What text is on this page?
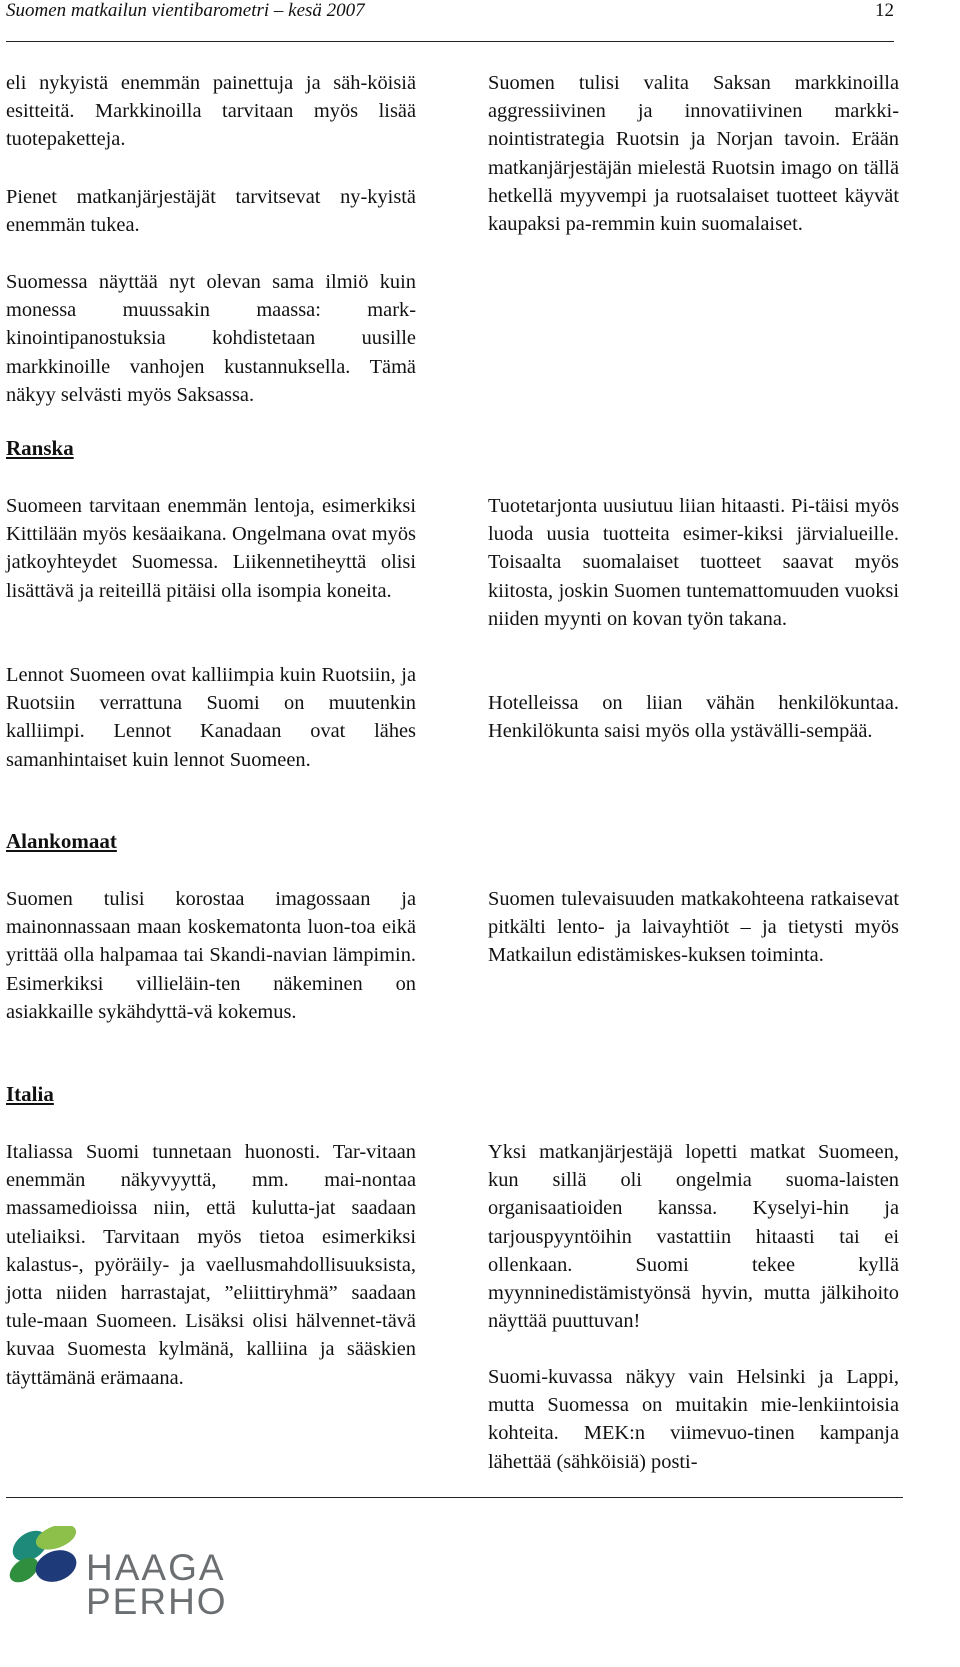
Suomen matkailun vientibarometri – kesä 2007	12

eli nykyistä enemmän painettuja ja säh-köisiä esitteitä. Markkinoilla tarvitaan myös lisää tuotepaketteja.

Pienet matkanjärjestäjät tarvitsevat ny-kyistä enemmän tukea.

Suomessa näyttää nyt olevan sama ilmiö kuin monessa muussakin maassa: mark-kinointipanostuksia kohdistetaan uusille markkinoille vanhojen kustannuksella. Tämä näkyy selvästi myös Saksassa.

Suomen tulisi valita Saksan markkinoilla aggressiivinen ja innovatiivinen markki-nointistrategia Ruotsin ja Norjan tavoin. Erään matkanjärjestäjän mielestä Ruotsin imago on tällä hetkellä myyvempi ja ruotsalaiset tuotteet käyvät kaupaksi pa-remmin kuin suomalaiset.

Ranska

Suomeen tarvitaan enemmän lentoja, esimerkiksi Kittilään myös kesäaikana. Ongelmana ovat myös jatkoyhteydet Suomessa. Liikennetiheyttä olisi lisättävä ja reiteillä pitäisi olla isompia koneita.

Lennot Suomeen ovat kalliimpia kuin Ruotsiin, ja Ruotsiin verrattuna Suomi on muutenkin kalliimpi. Lennot Kanadaan ovat lähes samanhintaiset kuin lennot Suomeen.

Tuotetarjonta uusiutuu liian hitaasti. Pi-täisi myös luoda uusia tuotteita esimer-kiksi järvialueille. Toisaalta suomalaiset tuotteet saavat myös kiitosta, joskin Suomen tuntemattomuuden vuoksi niiden myynti on kovan työn takana.

Hotelleissa on liian vähän henkilökuntaa. Henkilökunta saisi myös olla ystävälli-sempää.

Alankomaat

Suomen tulisi korostaa imagossaan ja mainonnassaan maan koskematonta luon-toa eikä yrittää olla halpamaa tai Skandi-navian lämpimin. Esimerkiksi villieläin-ten näkeminen on asiakkaille sykähdyttä-vä kokemus.

Suomen tulevaisuuden matkakohteena ratkaisevat pitkälti lento- ja laivayhtiöt – ja tietysti myös Matkailun edistämiskes-kuksen toiminta.

Italia

Italiassa Suomi tunnetaan huonosti. Tar-vitaan enemmän näkyvyyttä, mm. mai-nontaa massamedioissa niin, että kulutta-jat saadaan uteliaiksi. Tarvitaan myös tietoa esimerkiksi kalastus-, pyöräily- ja vaellusmahdollisuuksista, jotta niiden harrastajat, ”eliittiryhmä” saadaan tule-maan Suomeen. Lisäksi olisi hälvennet-tävä kuvaa Suomesta kylmänä, kalliina ja sääskien täyttämänä erämaana.

Yksi matkanjärjestäjä lopetti matkat Suomeen, kun sillä oli ongelmia suoma-laisten organisaatioiden kanssa. Kyselyi-hin ja tarjouspyyntöihin vastattiin hitaasti tai ei ollenkaan. Suomi tekee kyllä myynninedistämistyönsä hyvin, mutta jälkihoito näyttää puuttuvan!

Suomi-kuvassa näkyy vain Helsinki ja Lappi, mutta Suomessa on muitakin mie-lenkiintoisia kohteita. MEK:n viimevuo-tinen kampanja lähettää (sähköisiä) posti-

HAAGA
PERHO
